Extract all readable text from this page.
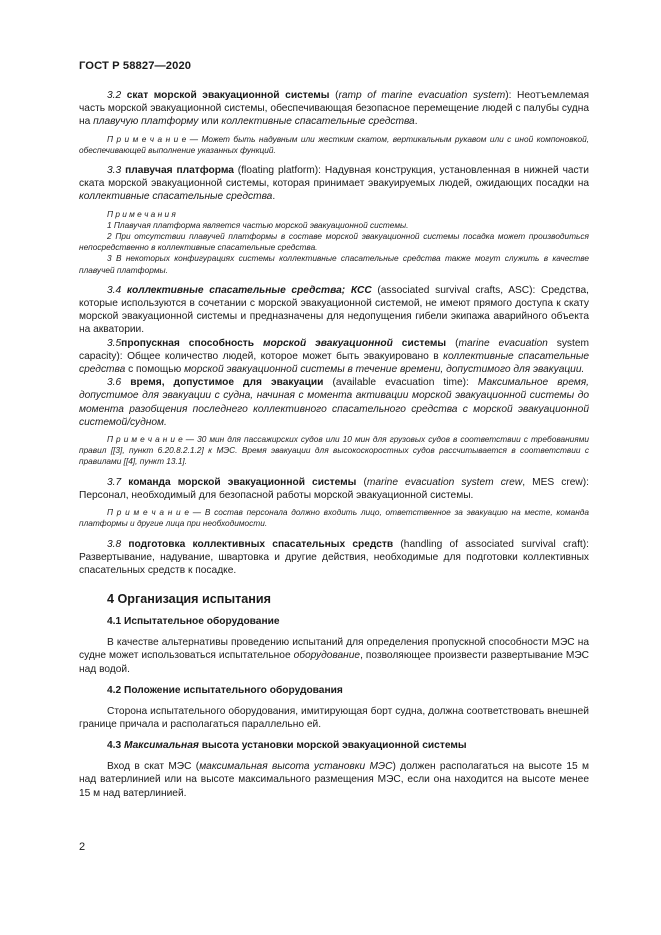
ГОСТ Р 58827—2020

3.2 скат морской эвакуационной системы (ramp of marine evacuation system): Неотъемлемая часть морской эвакуационной системы, обеспечивающая безопасное перемещение людей с палубы судна на плавучую платформу или коллективные спасательные средства.

П р и м е ч а н и е — Может быть надувным или жестким скатом, вертикальным рукавом или с иной компоновкой, обеспечивающей выполнение указанных функций.

3.3 плавучая платформа (floating platform): Надувная конструкция, установленная в нижней части ската морской эвакуационной системы, которая принимает эвакуируемых людей, ожидающих посадки на коллективные спасательные средства.

П р и м е ч а н и я

1 Плавучая платформа является частью морской эвакуационной системы.

2 При отсутствии плавучей платформы в составе морской эвакуационной системы посадка может производиться непосредственно в коллективные спасательные средства.

3 В некоторых конфигурациях системы коллективные спасательные средства также могут служить в качестве плавучей платформы.

3.4 коллективные спасательные средства; КСС (associated survival crafts, ASC): Средства, которые используются в сочетании с морской эвакуационной системой, не имеют прямого доступа к скату морской эвакуационной системы и предназначены для недопущения гибели экипажа аварийного объекта на акватории.

3.5пропускная способность морской эвакуационной системы (marine evacuation system capacity): Общее количество людей, которое может быть эвакуировано в коллективные спасательные средства с помощью морской эвакуационной системы в течение времени, допустимого для эвакуации.

3.6 время, допустимое для эвакуации (available evacuation time): Максимальное время, допустимое для эвакуации с судна, начиная с момента активации морской эвакуационной системы до момента разобщения последнего коллективного спасательного средства с морской эвакуационной системой/судном.

П р и м е ч а н и е — 30 мин для пассажирских судов или 10 мин для грузовых судов в соответствии с требованиями правил [[3], пункт 6.20.8.2.1.2] к МЭС. Время эвакуации для высокоскоростных судов рассчитывается в соответствии с правилами [[4], пункт 13.1].

3.7 команда морской эвакуационной системы (marine evacuation system crew, MES crew): Персонал, необходимый для безопасной работы морской эвакуационной системы.

П р и м е ч а н и е — В состав персонала должно входить лицо, ответственное за эвакуацию на месте, команда платформы и другие лица при необходимости.

3.8 подготовка коллективных спасательных средств (handling of associated survival craft): Развертывание, надувание, швартовка и другие действия, необходимые для подготовки коллективных спасательных средств к посадке.

4 Организация испытания
4.1 Испытательное оборудование

В качестве альтернативы проведению испытаний для определения пропускной способности МЭС на судне может использоваться испытательное оборудование, позволяющее произвести развертывание МЭС над водой.

4.2 Положение испытательного оборудования

Сторона испытательного оборудования, имитирующая борт судна, должна соответствовать внешней границе причала и располагаться параллельно ей.

4.3 Максимальная высота установки морской эвакуационной системы

Вход в скат МЭС (максимальная высота установки МЭС) должен располагаться на высоте 15 м над ватерлинией или на высоте максимального размещения МЭС, если она находится на высоте менее 15 м над ватерлинией.

2
